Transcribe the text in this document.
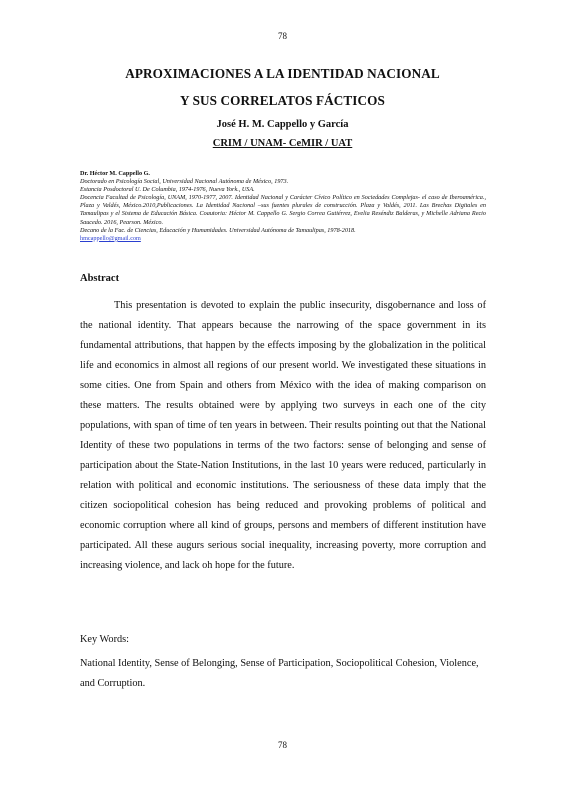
78
APROXIMACIONES A LA IDENTIDAD NACIONAL
Y SUS CORRELATOS FÁCTICOS
José H. M. Cappello y García
CRIM / UNAM- CeMIR / UAT
Dr. Héctor M. Cappello G.
Doctorado en Psicología Social, Universidad Nacional Autónoma de México, 1973.
Estancia Posdoctoral U. De Columbia, 1974-1976, Nueva York., USA.
Docencia Facultad de Psicología, UNAM, 1970-1977, 2007. Identidad Nacional y Carácter Cívico Político en Sociedades Complejas- el caso de Iberoamérica., Plaza y Valdés, México.2010,Publicaciones. La Identidad Nacional –sus fuentes plurales de construcción. Plaza y Valdés, 2011. Las Brechas Digitales en Tamaulipas y el Sistema de Educación Básica. Coautoria: Héctor M. Cappello G. Sergio Correa Gutiérrez, Evelia Reséndiz Balderas, y Michelle Adriana Recio Saucedo. 2016, Pearson. México.
Decano de la Fac. de Ciencias, Educación y Humanidades. Universidad Autónoma de Tamaulipas, 1978-2018.
hmcappello@gmail.com
Abstract

This presentation is devoted to explain the public insecurity, disgobernance and loss of the national identity. That appears because the narrowing of the space government in its fundamental attributions, that happen by the effects imposing by the globalization in the political life and economics in almost all regions of our present world. We investigated these situations in some cities. One from Spain and others from México with the idea of making comparison on these matters. The results obtained were by applying two surveys in each one of the city populations, with span of time of ten years in between. Their results pointing out that the National Identity of these two populations in terms of the two factors: sense of belonging and sense of participation about the State-Nation Institutions, in the last 10 years were reduced, particularly in relation with political and economic institutions. The seriousness of these data imply that the citizen sociopolitical cohesion has being reduced and provoking problems of political and economic corruption where all kind of groups, persons and members of different institution have participated. All these augurs serious social inequality, increasing poverty, more corruption and increasing violence, and lack oh hope for the future.

Key Words:
National Identity, Sense of Belonging, Sense of Participation, Sociopolitical Cohesion, Violence, and Corruption.
78
